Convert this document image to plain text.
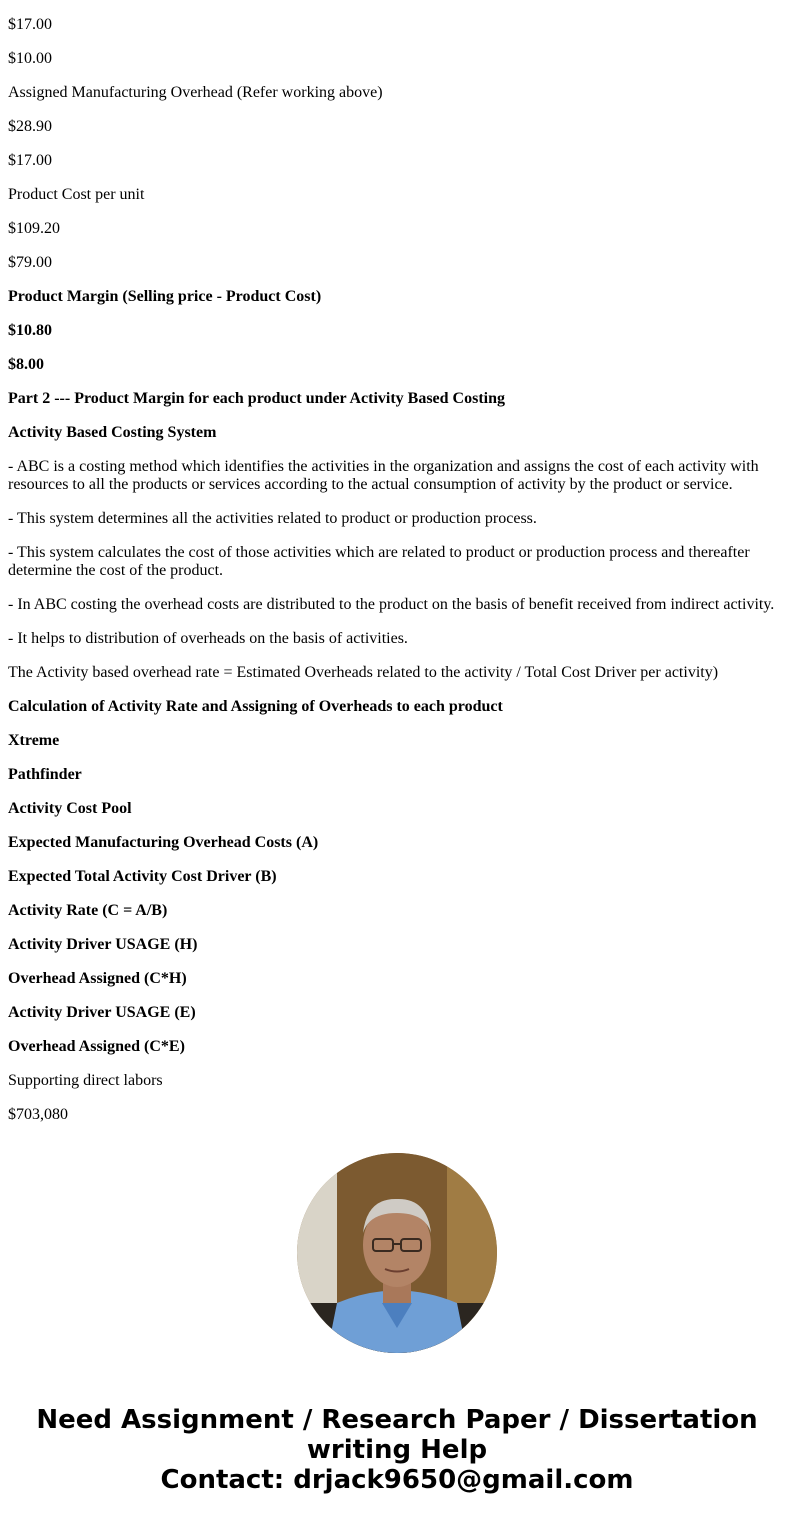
$17.00

$10.00

Assigned Manufacturing Overhead (Refer working above)

$28.90

$17.00

Product Cost per unit

$109.20

$79.00

Product Margin (Selling price - Product Cost)

$10.80

$8.00

Part 2 --- Product Margin for each product under Activity Based Costing

Activity Based Costing System

- ABC is a costing method which identifies the activities in the organization and assigns the cost of each activity with resources to all the products or services according to the actual consumption of activity by the product or service.

- This system determines all the activities related to product or production process.

- This system calculates the cost of those activities which are related to product or production process and thereafter determine the cost of the product.

- In ABC costing the overhead costs are distributed to the product on the basis of benefit received from indirect activity.

- It helps to distribution of overheads on the basis of activities.

The Activity based overhead rate = Estimated Overheads related to the activity / Total Cost Driver per activity)

Calculation of Activity Rate and Assigning of Overheads to each product

Xtreme

Pathfinder

Activity Cost Pool

Expected Manufacturing Overhead Costs (A)

Expected Total Activity Cost Driver (B)

Activity Rate (C = A/B)

Activity Driver USAGE (H)

Overhead Assigned (C*H)

Activity Driver USAGE (E)

Overhead Assigned (C*E)

Supporting direct labors

$703,080

Need Assignment / Research Paper / Dissertation writing Help
Contact: drjack9650@gmail.com
